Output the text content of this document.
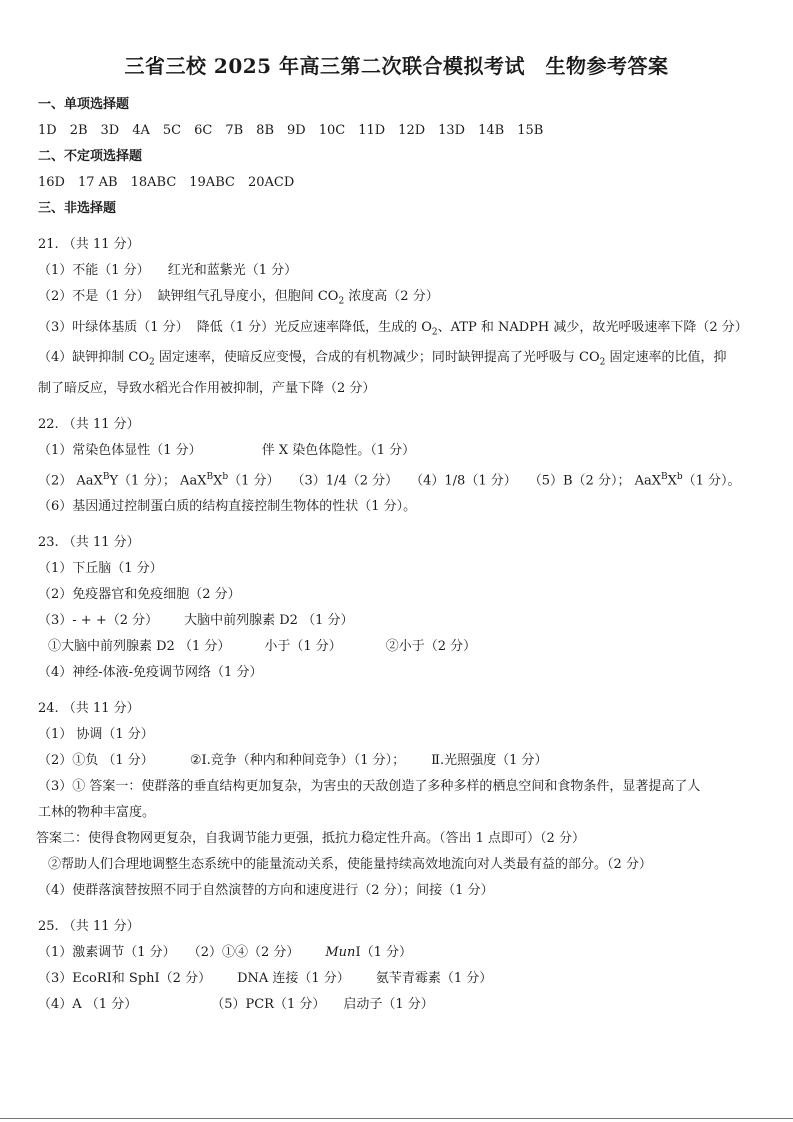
三省三校 2025 年高三第二次联合模拟考试　生物参考答案
一、单项选择题
1D 2B 3D 4A 5C 6C 7B 8B 9D 10C 11D 12D 13D 14B 15B
二、不定项选择题
16D 17 AB 18ABC 19ABC 20ACD
三、非选择题
21. （共 11 分）
（1）不能（1 分） 红光和蓝紫光（1 分）
（2）不是（1 分） 缺钾组气孔导度小，但胞间 $CO_2$ 浓度高（2 分）
（3）叶绿体基质（1 分） 降低（1 分）光反应速率降低，生成的 $O_2$、ATP 和 NADPH 减少，故光呼吸速率下降（2 分）
（4）缺钾抑制 $CO_2$ 固定速率，使暗反应变慢，合成的有机物减少；同时缺钾提高了光呼吸与 $CO_2$ 固定速率的比值，抑
制了暗反应，导致水稻光合作用被抑制，产量下降（2 分）
22. （共 11 分）
（1）常染色体显性（1 分）	伴 X 染色体隐性。（1 分）
（2） AaX$^B$Y（1 分）； $AaX^BX^b(1$ 分） （3）1/4（2 分） （4）1/8（1 分） （5）B（2 分）； $AaX^BX^b(1$ 分）。
（6）基因通过控制蛋白质的结构直接控制生物体的性状（1 分）。
23. （共 11 分）
（1）下丘脑（1 分）
（2）免疫器官和免疫细胞（2 分）
（3）- + +（2 分） 大脑中前列腺素 D2 （1 分）
①大脑中前列腺素 D2 （1 分）	小于（1 分）	②小于（2 分）
（4）神经-体液-免疫调节网络（1 分）
24. （共 11 分）
（1） 协调（1 分）
（2）①负 （1 分）	②Ⅰ.竞争（种内和种间竞争）（1 分）； Ⅱ.光照强度（1 分）
（3）① 答案一：使群落的垂直结构更加复杂，为害虫的天敌创造了多种多样的栖息空间和食物条件，显著提高了人
工林的物种丰富度。
答案二：使得食物网更复杂，自我调节能力更强，抵抗力稳定性升高。（答出 1 点即可）（2 分）
②帮助人们合理地调整生态系统中的能量流动关系，使能量持续高效地流向对人类最有益的部分。（2 分）
（4）使群落演替按照不同于自然演替的方向和速度进行（2 分）；间接（1 分）
25. （共 11 分）
（1）激素调节（1 分） （2）①④（2 分） MunⅠ（1 分）
（3）EcoRⅠ和 SphⅠ（2 分） DNA 连接（1 分） 氨苄青霉素（1 分）
（4）A （1 分）	（5）PCR（1 分） 启动子（1 分）
